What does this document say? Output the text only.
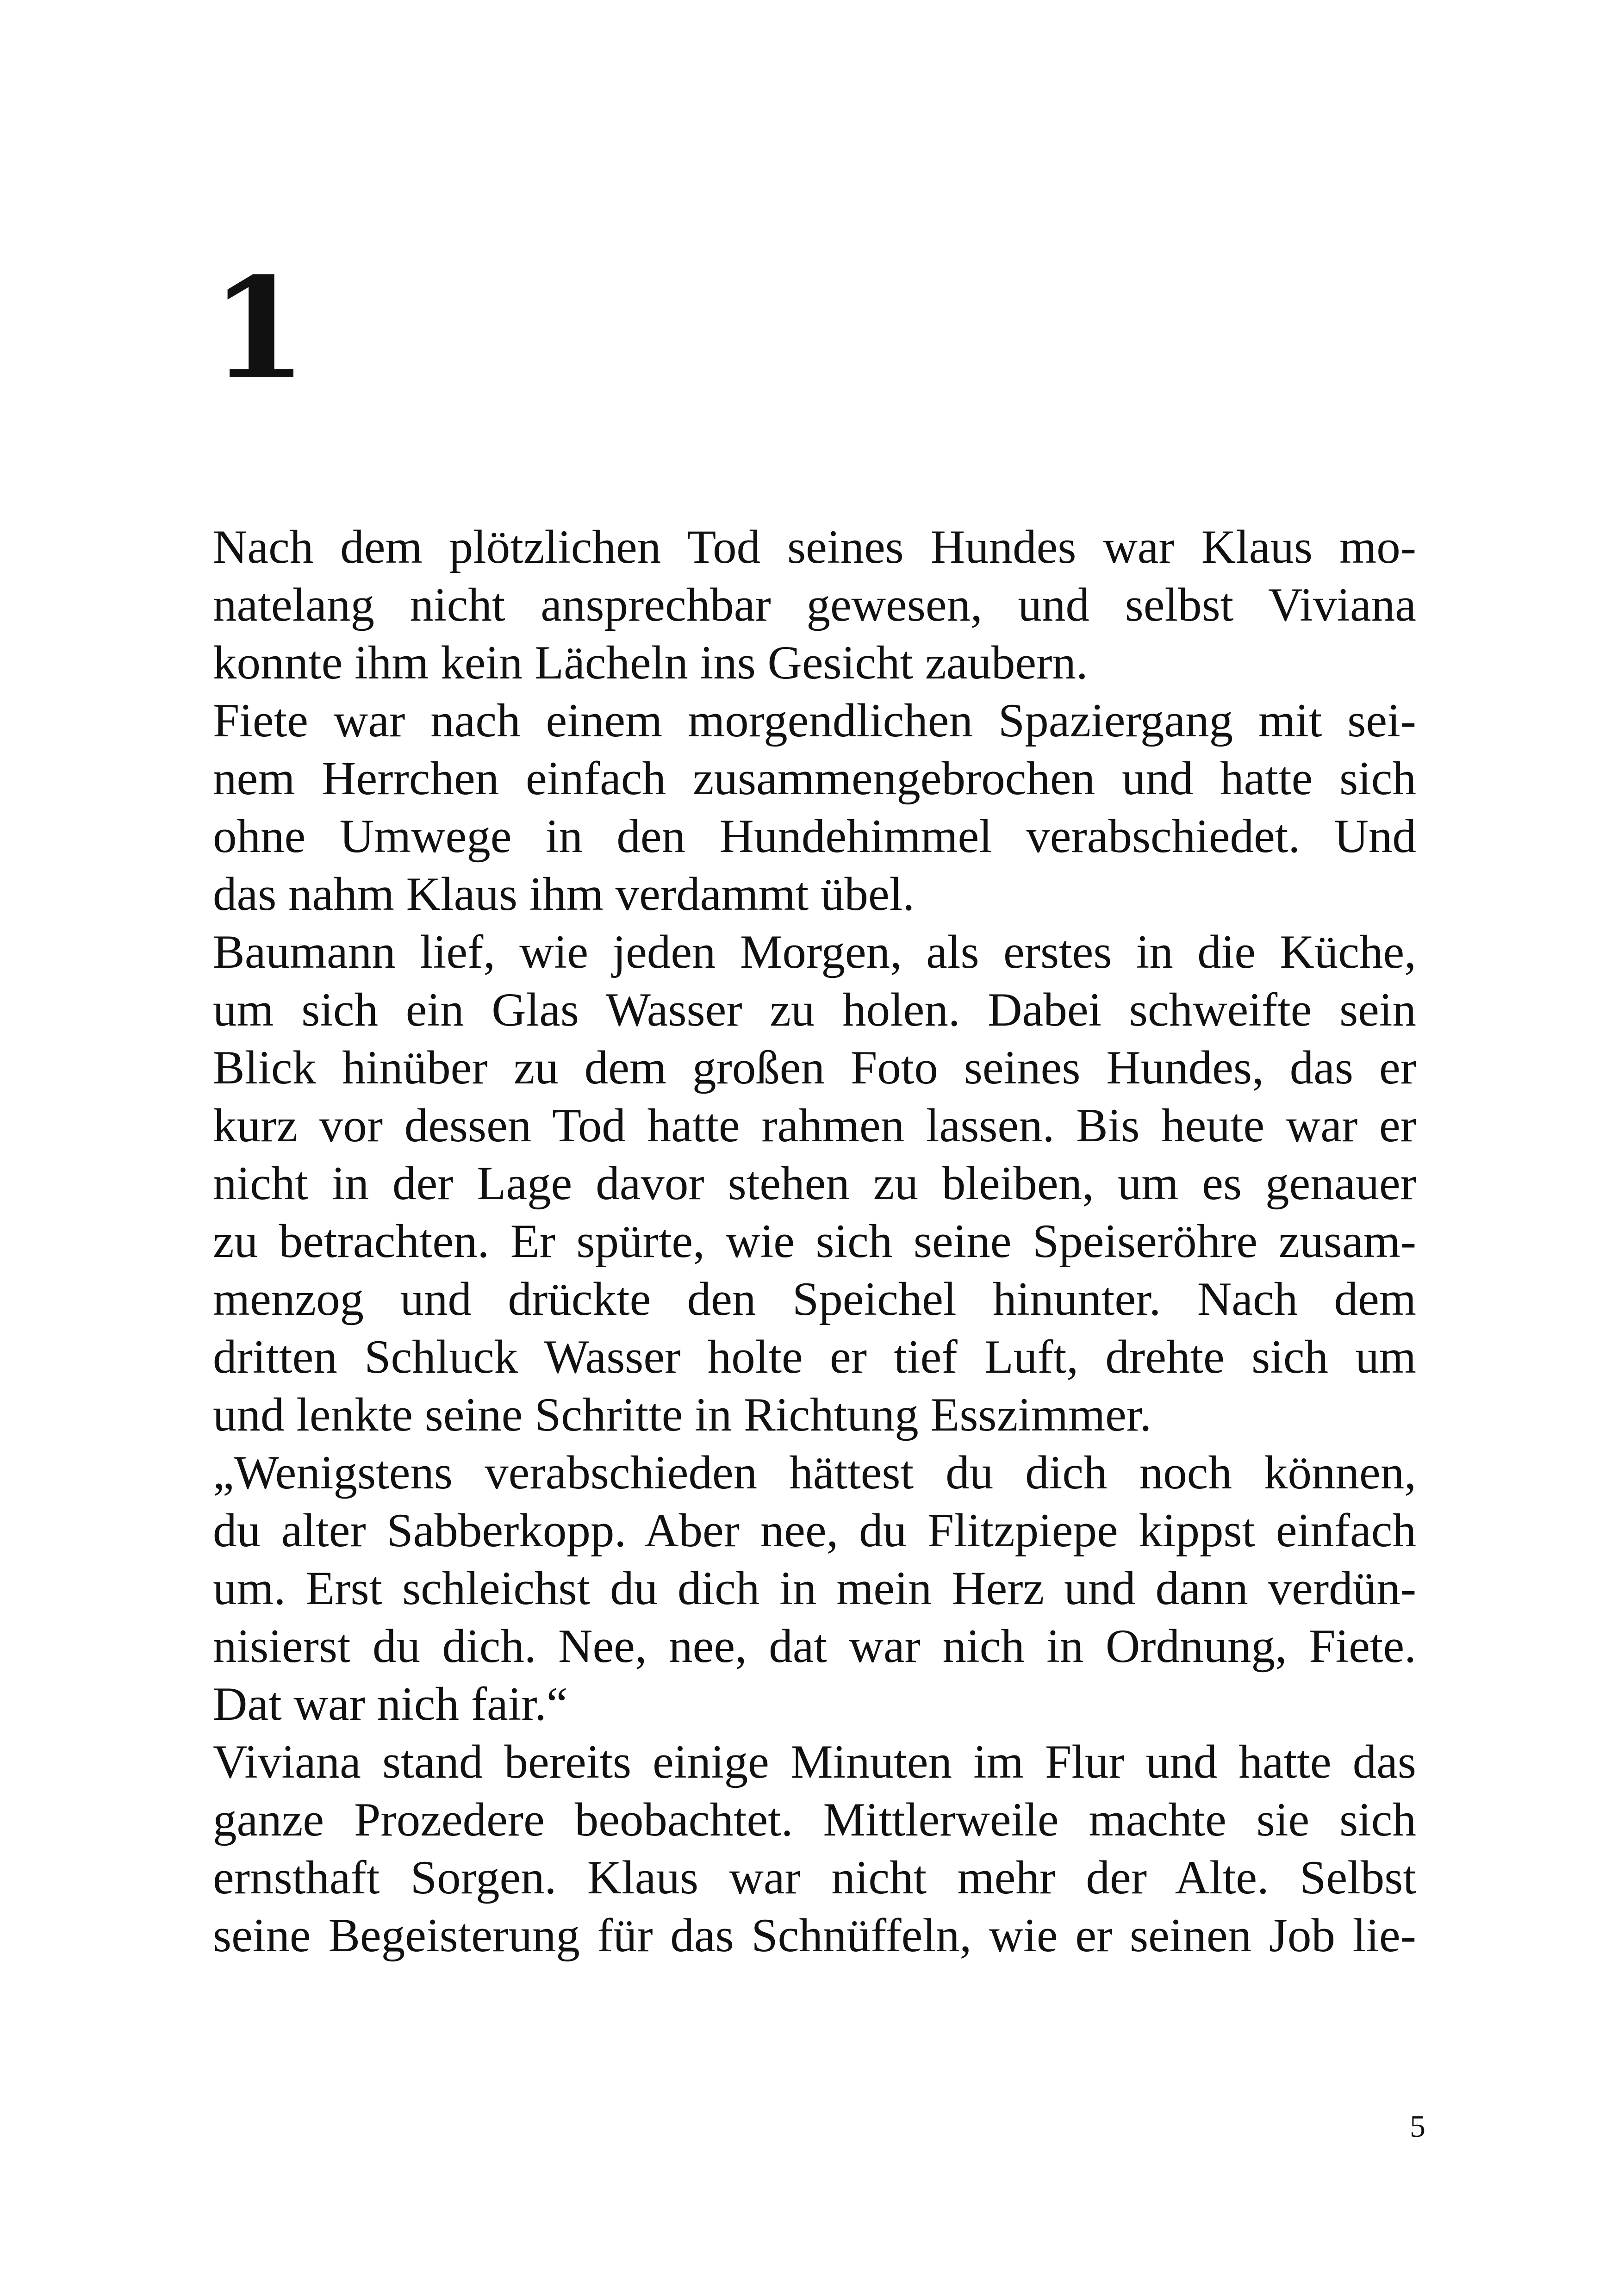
1
Nach dem plötzlichen Tod seines Hundes war Klaus mo-
natelang nicht ansprechbar gewesen, und selbst Viviana
konnte ihm kein Lächeln ins Gesicht zaubern.
Fiete war nach einem morgendlichen Spaziergang mit sei-
nem Herrchen einfach zusammengebrochen und hatte sich
ohne Umwege in den Hundehimmel verabschiedet. Und
das nahm Klaus ihm verdammt übel.
Baumann lief, wie jeden Morgen, als erstes in die Küche,
um sich ein Glas Wasser zu holen. Dabei schweifte sein
Blick hinüber zu dem großen Foto seines Hundes, das er
kurz vor dessen Tod hatte rahmen lassen. Bis heute war er
nicht in der Lage davor stehen zu bleiben, um es genauer
zu betrachten. Er spürte, wie sich seine Speiseröhre zusam-
menzog und drückte den Speichel hinunter. Nach dem
dritten Schluck Wasser holte er tief Luft, drehte sich um
und lenkte seine Schritte in Richtung Esszimmer.
„Wenigstens verabschieden hättest du dich noch können,
du alter Sabberkopp. Aber nee, du Flitzpiepe kippst einfach
um. Erst schleichst du dich in mein Herz und dann verdün-
nisierst du dich. Nee, nee, dat war nich in Ordnung, Fiete.
Dat war nich fair.“
Viviana stand bereits einige Minuten im Flur und hatte das
ganze Prozedere beobachtet. Mittlerweile machte sie sich
ernsthaft Sorgen. Klaus war nicht mehr der Alte. Selbst
seine Begeisterung für das Schnüffeln, wie er seinen Job lie-
5
